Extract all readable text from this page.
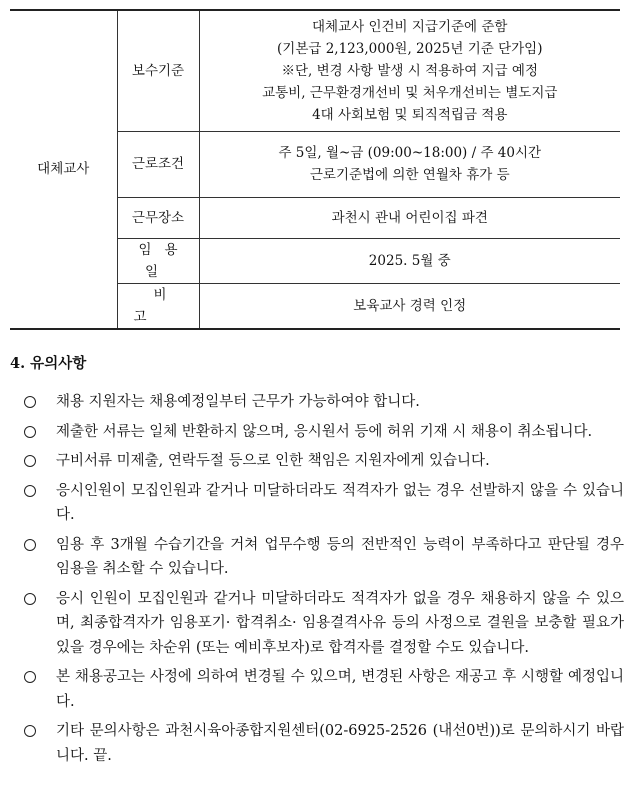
대체교사	보수기준	대체교사 인건비 지급기준에 준함
(기본급 2,123,000원, 2025년 기준 단가임)
※단, 변경 사항 발생 시 적용하여 지급 예정
교통비, 근무환경개선비 및 처우개선비는 별도지급
4대 사회보험 및 퇴직적립금 적용

	근로조건	주 5일, 월~금 (09:00~18:00) / 주 40시간
근로기준법에 의한 연월차 휴가 등

	근무장소	과천시 관내 어린이집 파견
	임용일	2025. 5월 중
	비고	보육교사 경력 인정
4. 유의사항
채용 지원자는 채용예정일부터 근무가 가능하여야 합니다.
제출한 서류는 일체 반환하지 않으며, 응시원서 등에 허위 기재 시 채용이 취소됩니다.
구비서류 미제출, 연락두절 등으로 인한 책임은 지원자에게 있습니다.
응시인원이 모집인원과 같거나 미달하더라도 적격자가 없는 경우 선발하지 않을 수 있습니다.
임용 후 3개월 수습기간을 거쳐 업무수행 등의 전반적인 능력이 부족하다고 판단될 경우 임용을 취소할 수 있습니다.
응시 인원이 모집인원과 같거나 미달하더라도 적격자가 없을 경우 채용하지 않을 수 있으며, 최종합격자가 임용포기· 합격취소· 임용결격사유 등의 사정으로 결원을 보충할 필요가 있을 경우에는 차순위 (또는 예비후보자)로 합격자를 결정할 수도 있습니다.
본 채용공고는 사정에 의하여 변경될 수 있으며, 변경된 사항은 재공고 후 시행할 예정입니다.
기타 문의사항은 과천시육아종합지원센터(02-6925-2526 (내선0번))로 문의하시기 바랍니다. 끝.
